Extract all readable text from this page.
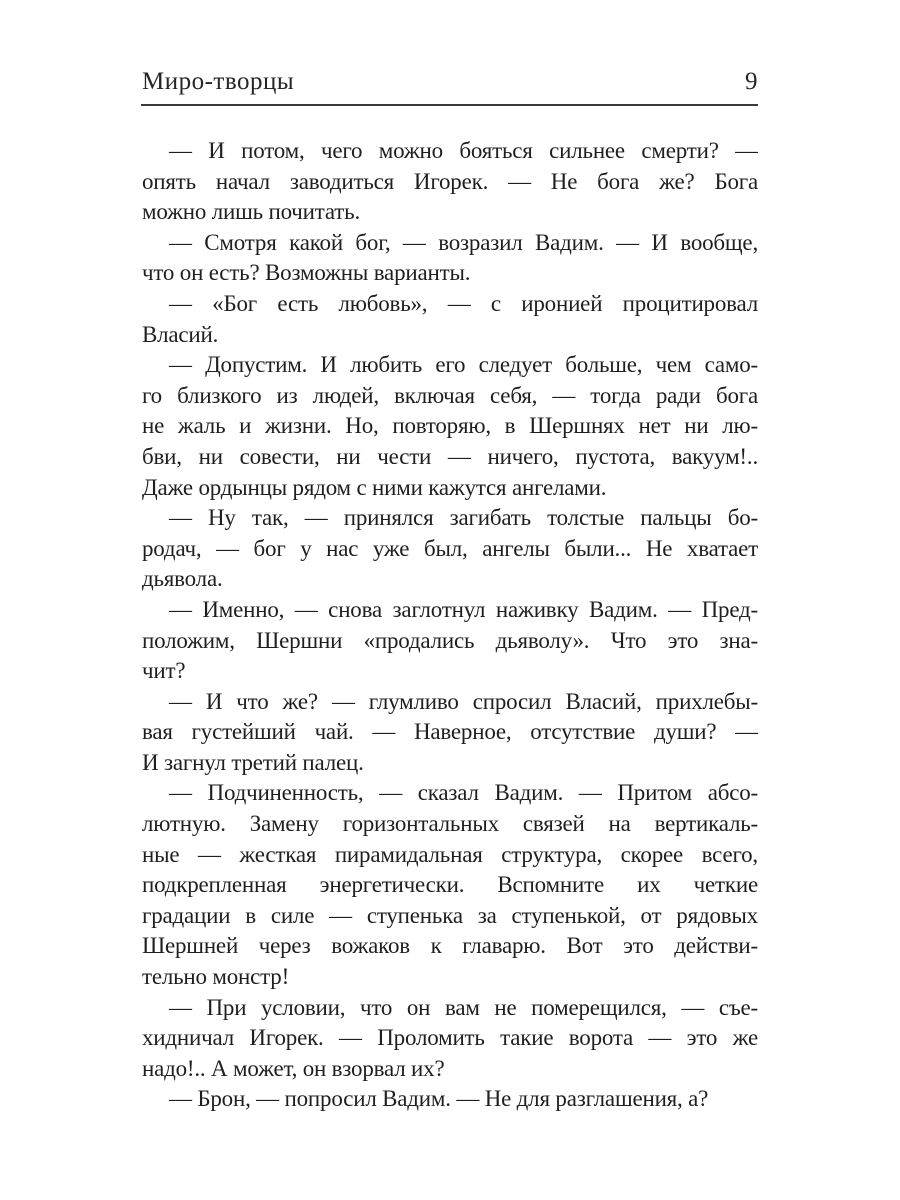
Миро-творцы	9
— И потом, чего можно бояться сильнее смерти? —
опять начал заводиться Игорек. — Не бога же? Бога
можно лишь почитать.
— Смотря какой бог, — возразил Вадим. — И вообще,
что он есть? Возможны варианты.
— «Бог есть любовь», — с иронией процитировал
Власий.
— Допустим. И любить его следует больше, чем само-
го близкого из людей, включая себя, — тогда ради бога
не жаль и жизни. Но, повторяю, в Шершнях нет ни лю-
бви, ни совести, ни чести — ничего, пустота, вакуум!..
Даже ордынцы рядом с ними кажутся ангелами.
— Ну так, — принялся загибать толстые пальцы бо-
родач, — бог у нас уже был, ангелы были... Не хватает
дьявола.
— Именно, — снова заглотнул наживку Вадим. — Пред-
положим, Шершни «продались дьяволу». Что это зна-
чит?
— И что же? — глумливо спросил Власий, прихлебы-
вая густейший чай. — Наверное, отсутствие души? —
И загнул третий палец.
— Подчиненность, — сказал Вадим. — Притом абсо-
лютную. Замену горизонтальных связей на вертикаль-
ные — жесткая пирамидальная структура, скорее всего,
подкрепленная энергетически. Вспомните их четкие
градации в силе — ступенька за ступенькой, от рядовых
Шершней через вожаков к главарю. Вот это действи-
тельно монстр!
— При условии, что он вам не померещился, — съе-
хидничал Игорек. — Проломить такие ворота — это же
надо!.. А может, он взорвал их?
— Брон, — попросил Вадим. — Не для разглашения, а?
